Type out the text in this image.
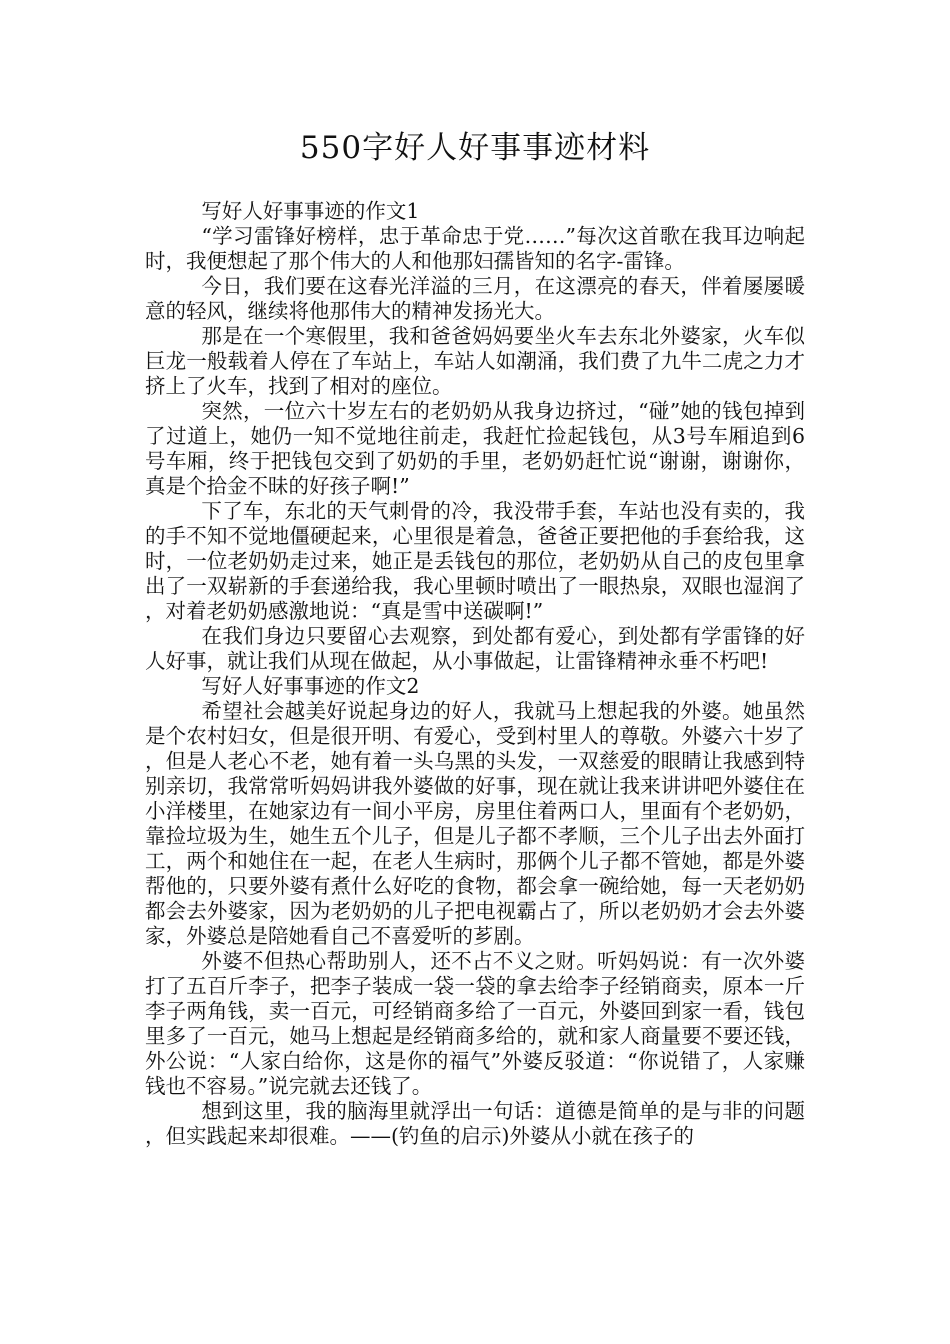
550字好人好事事迹材料

写好人好事事迹的作文1

“学习雷锋好榜样，忠于革命忠于党……”每次这首歌在我耳边响起时，我便想起了那个伟大的人和他那妇孺皆知的名字-雷锋。

今日，我们要在这春光洋溢的三月，在这漂亮的春天，伴着屡屡暖意的轻风，继续将他那伟大的精神发扬光大。

那是在一个寒假里，我和爸爸妈妈要坐火车去东北外婆家，火车似巨龙一般载着人停在了车站上，车站人如潮涌，我们费了九牛二虎之力才挤上了火车，找到了相对的座位。

突然，一位六十岁左右的老奶奶从我身边挤过，“碰”她的钱包掉到了过道上，她仍一知不觉地往前走，我赶忙捡起钱包，从3号车厢追到6号车厢，终于把钱包交到了奶奶的手里，老奶奶赶忙说“谢谢，谢谢你，真是个拾金不昧的好孩子啊!”

下了车，东北的天气刺骨的冷，我没带手套，车站也没有卖的，我的手不知不觉地僵硬起来，心里很是着急，爸爸正要把他的手套给我，这时，一位老奶奶走过来，她正是丢钱包的那位，老奶奶从自己的皮包里拿出了一双崭新的手套递给我，我心里顿时喷出了一眼热泉，双眼也湿润了，对着老奶奶感激地说：“真是雪中送碳啊!”

在我们身边只要留心去观察，到处都有爱心，到处都有学雷锋的好人好事，就让我们从现在做起，从小事做起，让雷锋精神永垂不朽吧!

写好人好事事迹的作文2

希望社会越美好说起身边的好人，我就马上想起我的外婆。她虽然是个农村妇女，但是很开明、有爱心，受到村里人的尊敬。外婆六十岁了，但是人老心不老，她有着一头乌黑的头发，一双慈爱的眼睛让我感到特别亲切，我常常听妈妈讲我外婆做的好事，现在就让我来讲讲吧外婆住在小洋楼里，在她家边有一间小平房，房里住着两口人，里面有个老奶奶，靠捡垃圾为生，她生五个儿子，但是儿子都不孝顺，三个儿子出去外面打工，两个和她住在一起，在老人生病时，那俩个儿子都不管她，都是外婆帮他的，只要外婆有煮什么好吃的食物，都会拿一碗给她，每一天老奶奶都会去外婆家，因为老奶奶的儿子把电视霸占了，所以老奶奶才会去外婆家，外婆总是陪她看自己不喜爱听的芗剧。

外婆不但热心帮助别人，还不占不义之财。听妈妈说：有一次外婆打了五百斤李子，把李子装成一袋一袋的拿去给李子经销商卖，原本一斤李子两角钱，卖一百元，可经销商多给了一百元，外婆回到家一看，钱包里多了一百元，她马上想起是经销商多给的，就和家人商量要不要还钱，外公说：“人家白给你，这是你的福气”外婆反驳道：“你说错了，人家赚钱也不容易。”说完就去还钱了。

想到这里，我的脑海里就浮出一句话：道德是简单的是与非的问题，但实践起来却很难。——(钓鱼的启示)外婆从小就在孩子的
